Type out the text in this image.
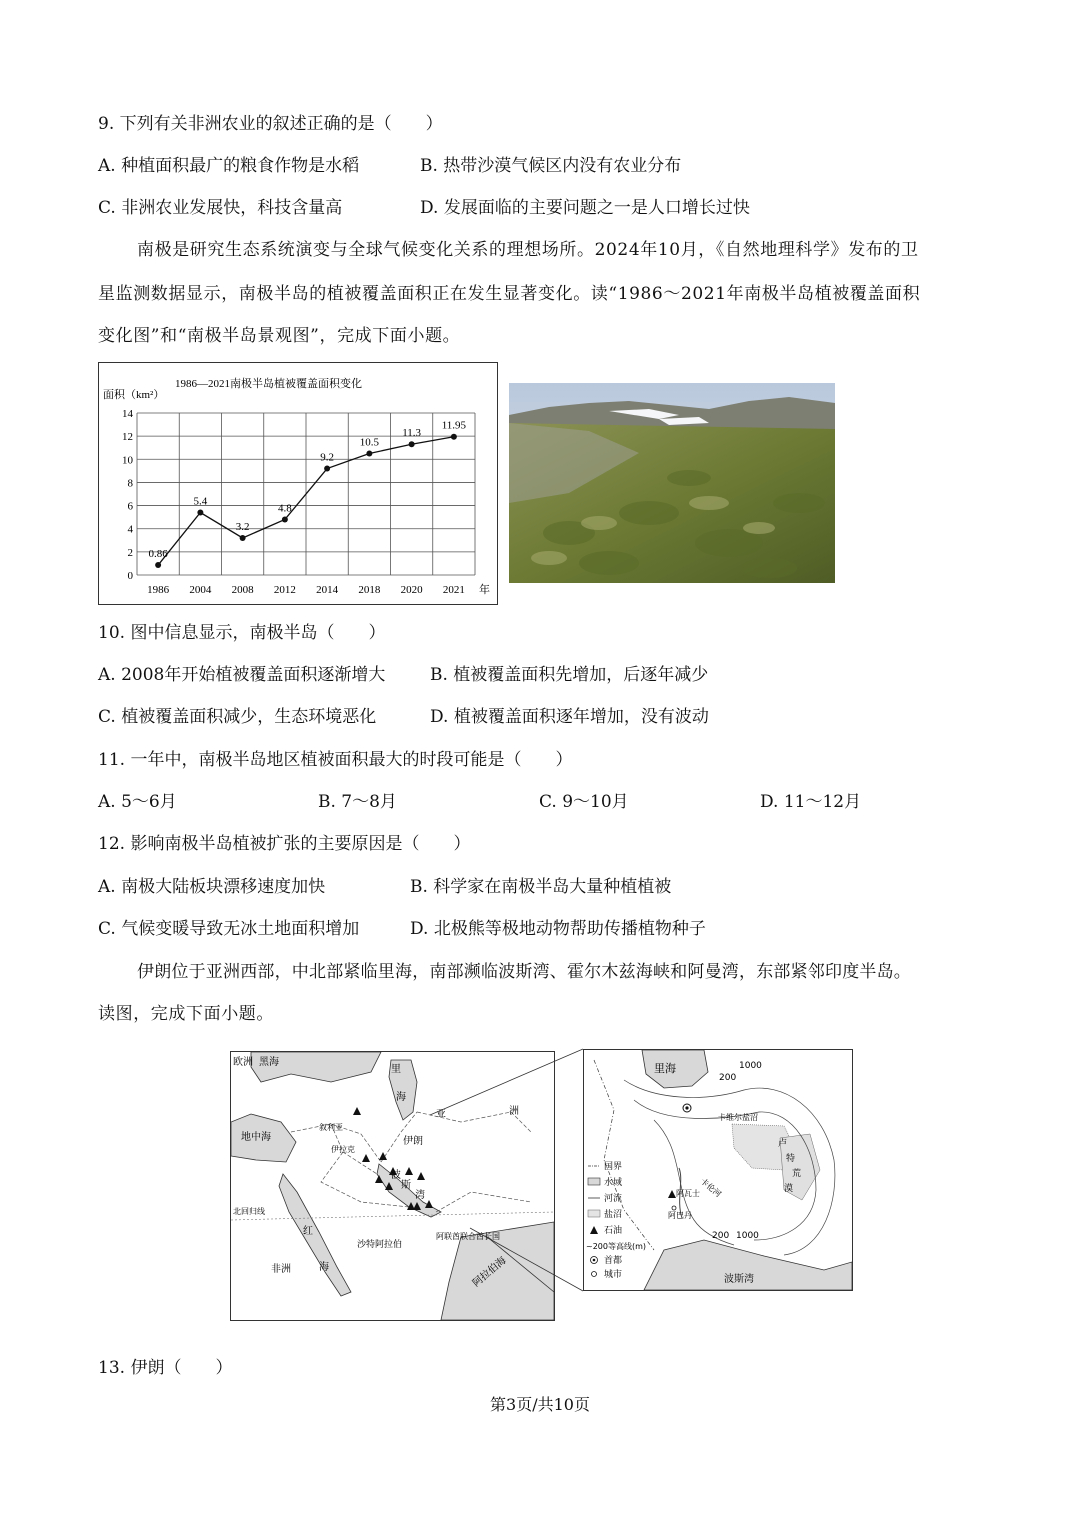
9. 下列有关非洲农业的叙述正确的是（　　）
A. 种植面积最广的粮食作物是水稻	B. 热带沙漠气候区内没有农业分布
C. 非洲农业发展快，科技含量高	D. 发展面临的主要问题之一是人口增长过快
南极是研究生态系统演变与全球气候变化关系的理想场所。2024年10月，《自然地理科学》发布的卫
星监测数据显示，南极半岛的植被覆盖面积正在发生显著变化。读“1986～2021年南极半岛植被覆盖面积
变化图”和“南极半岛景观图”，完成下面小题。
1986—2021南极半岛植被覆盖面积变化
面积（km²）
0
2
4
6
8
10
12
14
1986 2004 2008 2012 2014 2018 2020 2021 年
0.86
5.4
3.2
4.8
9.2
10.5
11.3
11.95
10. 图中信息显示，南极半岛（　　）
A. 2008年开始植被覆盖面积逐渐增大	B. 植被覆盖面积先增加，后逐年减少
C. 植被覆盖面积减少，生态环境恶化	D. 植被覆盖面积逐年增加，没有波动
11. 一年中，南极半岛地区植被面积最大的时段可能是（　　）
A. 5～6月	B. 7～8月	C. 9～10月	D. 11～12月
12. 影响南极半岛植被扩张的主要原因是（　　）
A. 南极大陆板块漂移速度加快	B. 科学家在南极半岛大量种植植被
C. 气候变暖导致无冰土地面积增加	D. 北极熊等极地动物帮助传播植物种子
伊朗位于亚洲西部，中北部紧临里海，南部濒临波斯湾、霍尔木兹海峡和阿曼湾，东部紧邻印度半岛。
读图，完成下面小题。
欧洲 黑海
里
海
亚	洲
地中海
叙利亚
伊拉克
伊朗
波
斯
湾
北回归线
红
海
非洲
沙特阿拉伯
阿联酋联合酋长国
阿拉伯海
里海	1000
200
卡维尔盐沼
卢
特
荒
漠
卡伦河
阿瓦士
阿巴丹
200 1000
波斯湾
国界
水域
河流
盐沼
石油
~200等高线(m)
首都
城市
13. 伊朗（　　）
第3页/共10页
